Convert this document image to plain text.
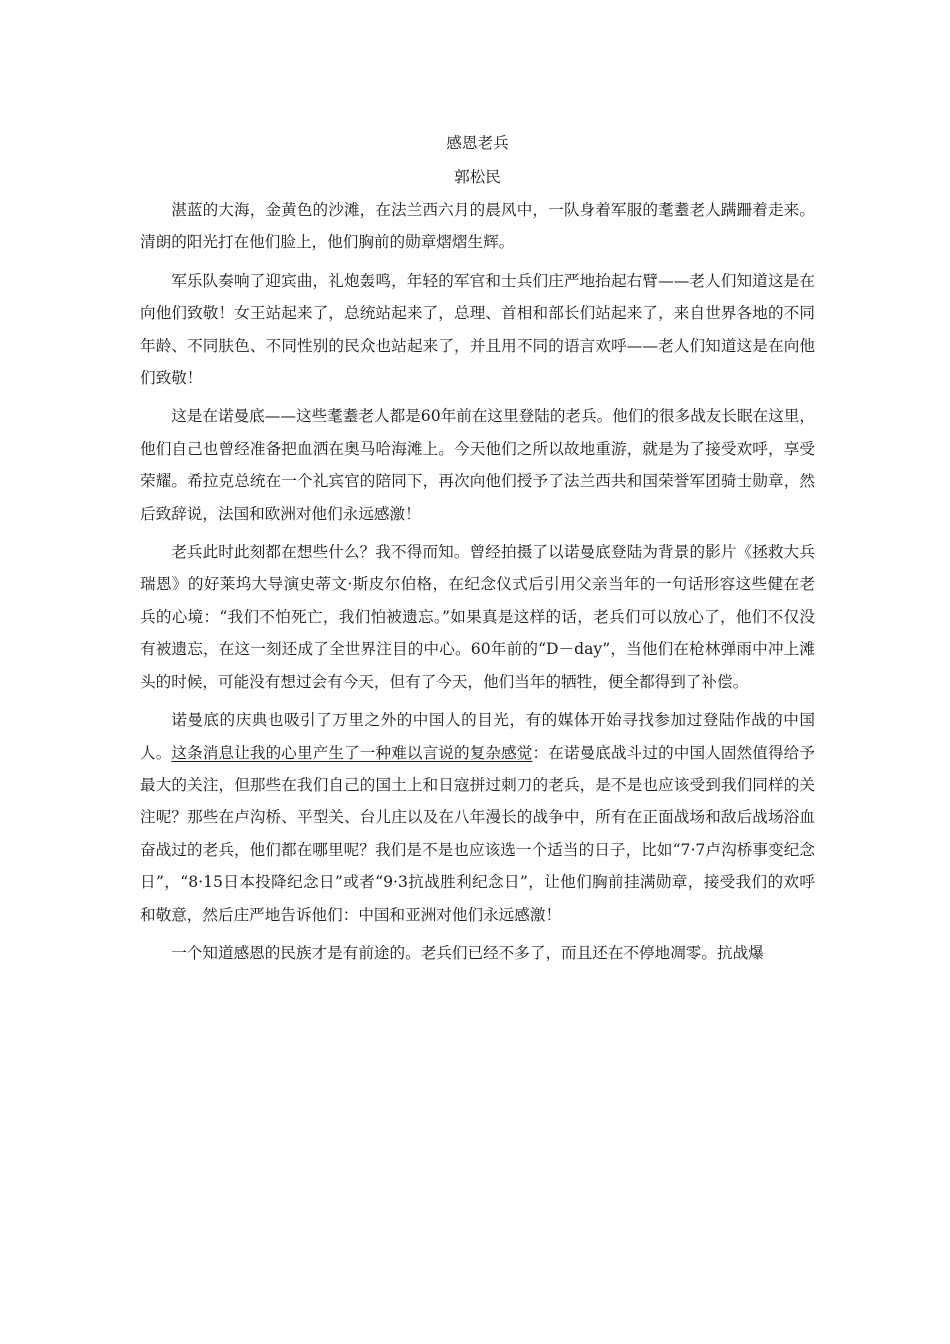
感恩老兵
郭松民

湛蓝的大海，金黄色的沙滩，在法兰西六月的晨风中，一队身着军服的耄耋老人蹒跚着走来。清朗的阳光打在他们脸上，他们胸前的勋章熠熠生辉。

军乐队奏响了迎宾曲，礼炮轰鸣，年轻的军官和士兵们庄严地抬起右臂——老人们知道这是在向他们致敬！女王站起来了，总统站起来了，总理、首相和部长们站起来了，来自世界各地的不同年龄、不同肤色、不同性别的民众也站起来了，并且用不同的语言欢呼——老人们知道这是在向他们致敬！

这是在诺曼底——这些耄耋老人都是60年前在这里登陆的老兵。他们的很多战友长眠在这里，他们自己也曾经准备把血洒在奥马哈海滩上。今天他们之所以故地重游，就是为了接受欢呼，享受荣耀。希拉克总统在一个礼宾官的陪同下，再次向他们授予了法兰西共和国荣誉军团骑士勋章，然后致辞说，法国和欧洲对他们永远感激！

老兵此时此刻都在想些什么？我不得而知。曾经拍摄了以诺曼底登陆为背景的影片《拯救大兵瑞恩》的好莱坞大导演史蒂文·斯皮尔伯格，在纪念仪式后引用父亲当年的一句话形容这些健在老兵的心境：“我们不怕死亡，我们怕被遗忘。”如果真是这样的话，老兵们可以放心了，他们不仅没有被遗忘，在这一刻还成了全世界注目的中心。60年前的“D－day”，当他们在枪林弹雨中冲上滩头的时候，可能没有想过会有今天，但有了今天，他们当年的牺牲，便全都得到了补偿。

诺曼底的庆典也吸引了万里之外的中国人的目光，有的媒体开始寻找参加过登陆作战的中国人。这条消息让我的心里产生了一种难以言说的复杂感觉：在诺曼底战斗过的中国人固然值得给予最大的关注，但那些在我们自己的国土上和日寇拼过刺刀的老兵，是不是也应该受到我们同样的关注呢？那些在卢沟桥、平型关、台儿庄以及在八年漫长的战争中，所有在正面战场和敌后战场浴血奋战过的老兵，他们都在哪里呢？我们是不是也应该选一个适当的日子，比如“7·7卢沟桥事变纪念日”，“8·15日本投降纪念日”或者“9·3抗战胜利纪念日”，让他们胸前挂满勋章，接受我们的欢呼和敬意，然后庄严地告诉他们：中国和亚洲对他们永远感激！

一个知道感恩的民族才是有前途的。老兵们已经不多了，而且还在不停地凋零。抗战爆
